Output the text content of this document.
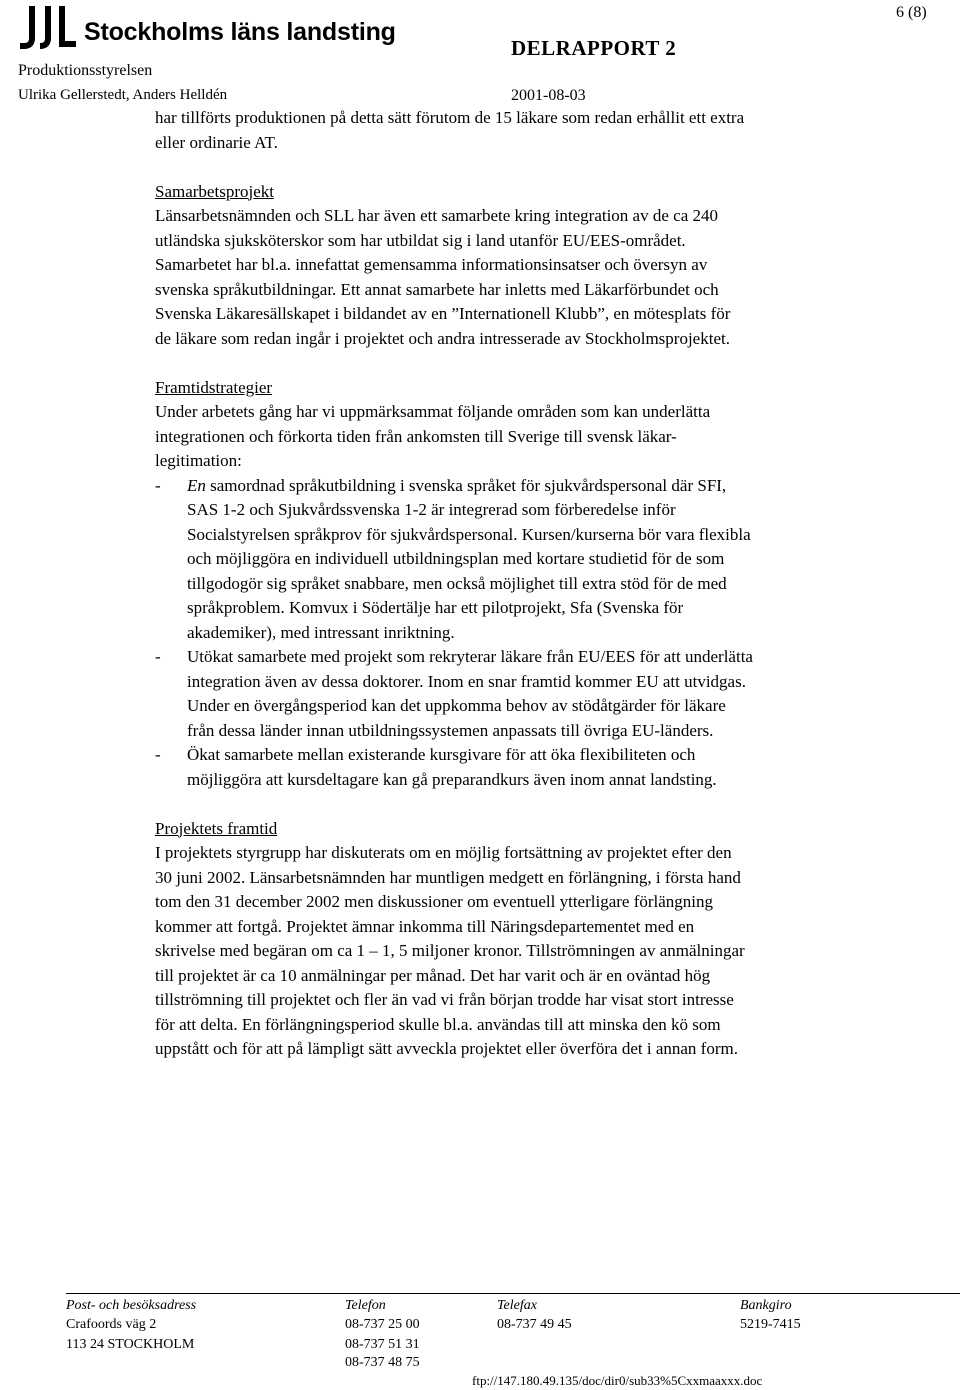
Stockholms läns landsting
6 (8)
DELRAPPORT 2
Produktionsstyrelsen
Ulrika Gellerstedt, Anders Helldén	2001-08-03

har tillförts produktionen på detta sätt förutom de 15 läkare som redan erhållit ett extra

eller ordinarie AT.

Samarbetsprojekt

Länsarbetsnämnden och SLL har även ett samarbete kring integration av de ca 240

utländska sjuksköterskor som har utbildat sig i land utanför EU/EES-området.

Samarbetet har bl.a. innefattat gemensamma informationsinsatser och översyn av

svenska språkutbildningar. Ett annat samarbete har inletts med Läkarförbundet och

Svenska Läkaresällskapet i bildandet av en ”Internationell Klubb”, en mötesplats för

de läkare som redan ingår i projektet och andra intresserade av Stockholmsprojektet.

Framtidstrategier

Under arbetets gång har vi uppmärksammat följande områden som kan underlätta

integrationen och förkorta tiden från ankomsten till Sverige till svensk läkar-

legitimation:

- En samordnad språkutbildning i svenska språket för sjukvårdspersonal där SFI,

SAS 1-2 och Sjukvårdssvenska 1-2 är integrerad som förberedelse inför

Socialstyrelsen språkprov för sjukvårdspersonal. Kursen/kurserna bör vara flexibla

och möjliggöra en individuell utbildningsplan med kortare studietid för de som

tillgodogör sig språket snabbare, men också möjlighet till extra stöd för de med

språkproblem. Komvux i Södertälje har ett pilotprojekt, Sfa (Svenska för

akademiker), med intressant inriktning.

- Utökat samarbete med projekt som rekryterar läkare från EU/EES för att underlätta

integration även av dessa doktorer. Inom en snar framtid kommer EU att utvidgas.

Under en övergångsperiod kan det uppkomma behov av stödåtgärder för läkare

från dessa länder innan utbildningssystemen anpassats till övriga EU-länders.

- Ökat samarbete mellan existerande kursgivare för att öka flexibiliteten och

möjliggöra att kursdeltagare kan gå preparandkurs även inom annat landsting.

Projektets framtid

I projektets styrgrupp har diskuterats om en möjlig fortsättning av projektet efter den

30 juni 2002. Länsarbetsnämnden har muntligen medgett en förlängning, i första hand

tom den 31 december 2002 men diskussioner om eventuell ytterligare förlängning

kommer att fortgå. Projektet ämnar inkomma till Näringsdepartementet med en

skrivelse med begäran om ca 1 – 1, 5 miljoner kronor. Tillströmningen av anmälningar

till projektet är ca 10 anmälningar per månad. Det har varit och är en oväntad hög

tillströmning till projektet och fler än vad vi från början trodde har visat stort intresse

för att delta. En förlängningsperiod skulle bl.a. användas till att minska den kö som

uppstått och för att på lämpligt sätt avveckla projektet eller överföra det i annan form.

Post- och besöksadress
Crafoords väg 2
113 24 STOCKHOLM
Telefon
08-737 25 00
08-737 51 31
08-737 48 75
Telefax
08-737 49 45
Bankgiro
5219-7415
ftp://147.180.49.135/doc/dir0/sub33%5Cxxmaaxxx.doc
